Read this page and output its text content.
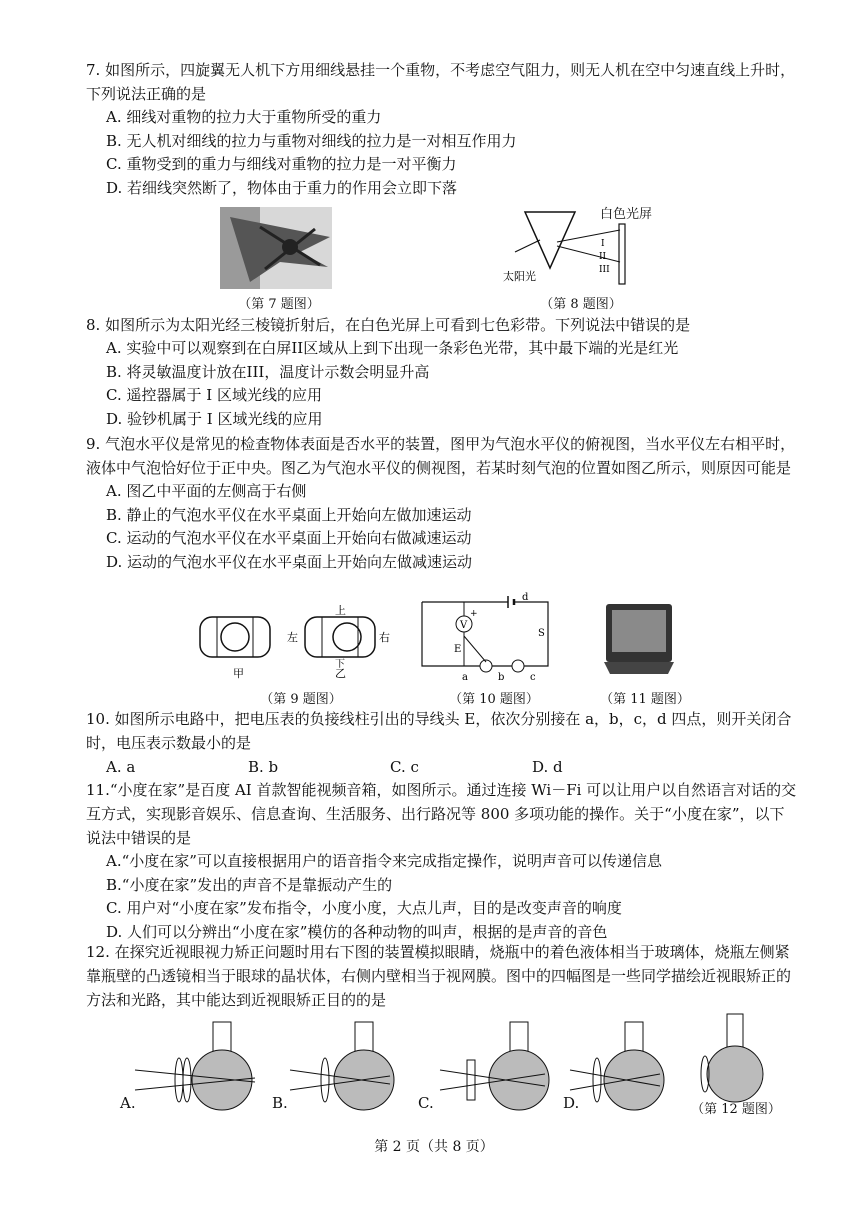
7. 如图所示，四旋翼无人机下方用细线悬挂一个重物，不考虑空气阻力，则无人机在空中匀速直线上升时，下列说法正确的是
A. 细线对重物的拉力大于重物所受的重力
B. 无人机对细线的拉力与重物对细线的拉力是一对相互作用力
C. 重物受到的重力与细线对重物的拉力是一对平衡力
D. 若细线突然断了，物体由于重力的作用会立即下落
（第 7 题图）
I
II
III
太阳光
白色光屏
（第 8 题图）
8. 如图所示为太阳光经三棱镜折射后，在白色光屏上可看到七色彩带。下列说法中错误的是
A. 实验中可以观察到在白屏II区域从上到下出现一条彩色光带，其中最下端的光是红光
B. 将灵敏温度计放在III，温度计示数会明显升高
C. 遥控器属于 I 区域光线的应用
D. 验钞机属于 I 区域光线的应用
9. 气泡水平仪是常见的检查物体表面是否水平的装置，图甲为气泡水平仪的俯视图，当水平仪左右相平时，液体中气泡恰好位于正中央。图乙为气泡水平仪的侧视图，若某时刻气泡的位置如图乙所示，则原因可能是
A. 图乙中平面的左侧高于右侧
B. 静止的气泡水平仪在水平桌面上开始向左做加速运动
C. 运动的气泡水平仪在水平桌面上开始向右做减速运动
D. 运动的气泡水平仪在水平桌面上开始向左做减速运动
甲	乙
上
下
左	右
（第 9 题图）
V
E
a	b	c
d
S
+
（第 10 题图）	（第 11 题图）
10. 如图所示电路中，把电压表的负接线柱引出的导线头 E，依次分别接在 a，b，c，d 四点，则开关闭合时，电压表示数最小的是
A. a	B. b	C. c	D. d
11.“小度在家”是百度 AI 首款智能视频音箱，如图所示。通过连接 Wi－Fi 可以让用户以自然语言对话的交互方式，实现影音娱乐、信息查询、生活服务、出行路况等 800 多项功能的操作。关于“小度在家”，以下说法中错误的是
A.“小度在家”可以直接根据用户的语音指令来完成指定操作，说明声音可以传递信息
B.“小度在家”发出的声音不是靠振动产生的
C. 用户对“小度在家”发布指令，小度小度，大点儿声，目的是改变声音的响度
D. 人们可以分辨出“小度在家”模仿的各种动物的叫声，根据的是声音的音色
12. 在探究近视眼视力矫正问题时用右下图的装置模拟眼睛，烧瓶中的着色液体相当于玻璃体，烧瓶左侧紧靠瓶壁的凸透镜相当于眼球的晶状体，右侧内壁相当于视网膜。图中的四幅图是一些同学描绘近视眼矫正的方法和光路，其中能达到近视眼矫正目的的是
A.	B.	C.	D.	（第 12 题图）
第 2 页（共 8 页）
